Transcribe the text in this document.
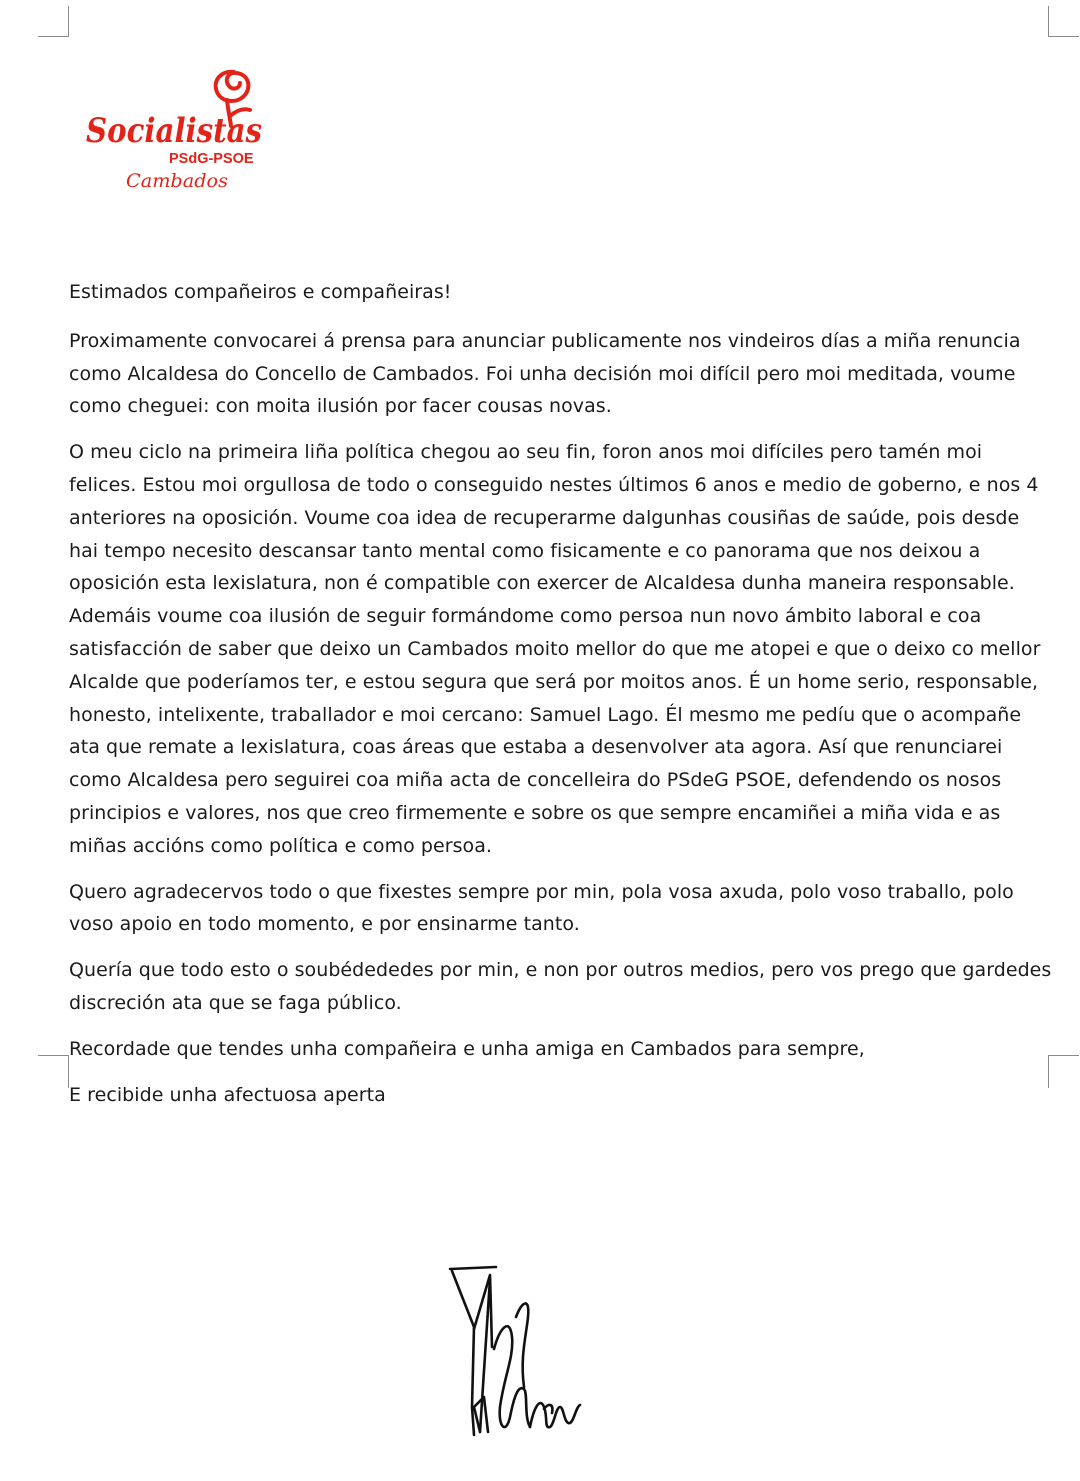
Socialistas
PSdG-PSOE
Cambados

Estimados compañeiros e compañeiras!

Proximamente convocarei á prensa para anunciar publicamente nos vindeiros días a miña renuncia como Alcaldesa do Concello de Cambados. Foi unha decisión moi difícil pero moi meditada, voume como cheguei: con moita ilusión por facer cousas novas.

O meu ciclo na primeira liña política chegou ao seu fin, foron anos moi difíciles pero tamén moi felices. Estou moi orgullosa de todo o conseguido nestes últimos 6 anos e medio de goberno, e nos 4 anteriores na oposición. Voume coa idea de recuperarme dalgunhas cousiñas de saúde, pois desde hai tempo necesito descansar tanto mental como fisicamente e co panorama que nos deixou a oposición esta lexislatura, non é compatible con exercer de Alcaldesa dunha maneira responsable. Ademáis voume coa ilusión de seguir formándome como persoa nun novo ámbito laboral e coa satisfacción de saber que deixo un Cambados moito mellor do que me atopei e que o deixo co mellor Alcalde que poderíamos ter, e estou segura que será por moitos anos. É un home serio, responsable, honesto, intelixente, traballador e moi cercano: Samuel Lago. Él mesmo me pedíu que o acompañe ata que remate a lexislatura, coas áreas que estaba a desenvolver ata agora. Así que renunciarei como Alcaldesa pero seguirei coa miña acta de concelleira do PSdeG PSOE, defendendo os nosos principios e valores, nos que creo firmemente e sobre os que sempre encamiñei a miña vida e as miñas accións como política e como persoa.

Quero agradecervos todo o que fixestes sempre por min, pola vosa axuda, polo voso traballo, polo voso apoio en todo momento, e por ensinarme tanto.

Quería que todo esto o soubédededes por min, e non por outros medios, pero vos prego que gardedes discreción ata que se faga público.

Recordade que tendes unha compañeira e unha amiga en Cambados para sempre,

E recibide unha afectuosa aperta
